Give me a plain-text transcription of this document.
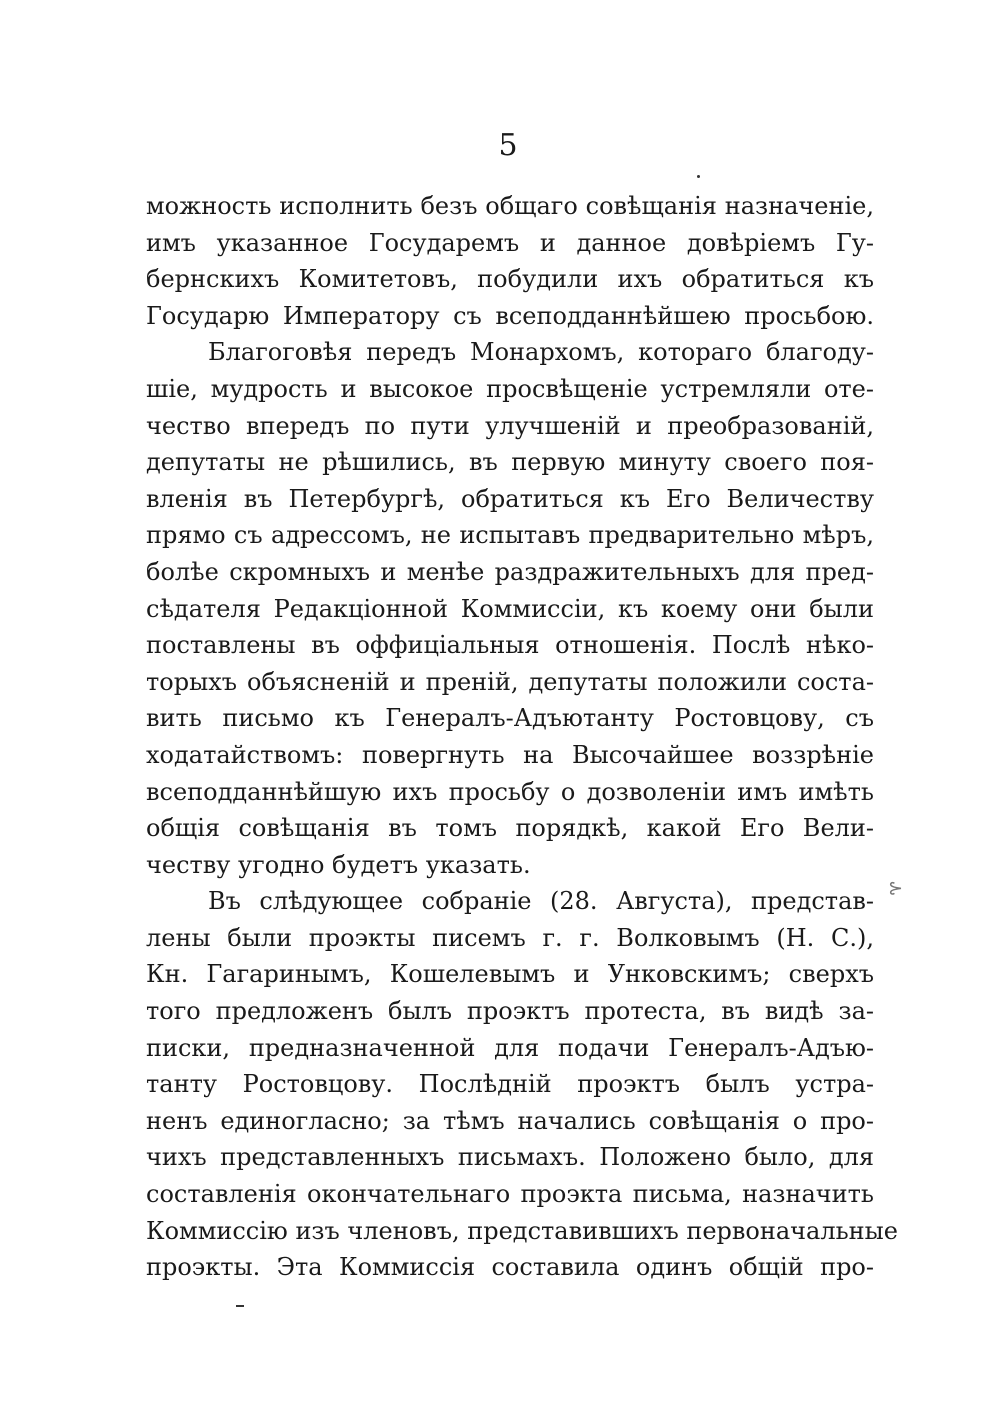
5
⊱
можность исполнить безъ общаго совѣщанія назначеніе,
имъ указанное Государемъ и данное довѣріемъ Гу-
бернскихъ Комитетовъ, побудили ихъ обратиться къ
Государю Императору съ всеподданнѣйшею просьбою.
Благоговѣя передъ Монархомъ, котораго благоду-
шіе, мудрость и высокое просвѣщеніе устремляли оте-
чество впередъ по пути улучшеній и преобразованій,
депутаты не рѣшились, въ первую минуту своего поя-
вленія въ Петербургѣ, обратиться къ Его Величеству
прямо съ адрессомъ, не испытавъ предварительно мѣръ,
болѣе скромныхъ и менѣе раздражительныхъ для пред-
сѣдателя Редакціонной Коммиссіи, къ коему они были
поставлены въ оффиціальныя отношенія. Послѣ нѣко-
торыхъ объясненій и преній, депутаты положили соста-
вить письмо къ Генералъ-Адъютанту Ростовцову, съ
ходатайствомъ: повергнуть на Высочайшее воззрѣніе
всеподданнѣйшую ихъ просьбу о дозволеніи имъ имѣть
общія совѣщанія въ томъ порядкѣ, какой Его Вели-
честву угодно будетъ указать.
Въ слѣдующее собраніе (28. Августа), представ-
лены были проэкты писемъ г. г. Волковымъ (Н. С.),
Кн. Гагаринымъ, Кошелевымъ и Унковскимъ; сверхъ
того предложенъ былъ проэктъ протеста, въ видѣ за-
писки, предназначенной для подачи Генералъ-Адъю-
танту Ростовцову. Послѣдній проэктъ былъ устра-
ненъ единогласно; за тѣмъ начались совѣщанія о про-
чихъ представленныхъ письмахъ. Положено было, для
составленія окончательнаго проэкта письма, назначить
Коммиссію изъ членовъ, представившихъ первоначальные
проэкты. Эта Коммиссія составила одинъ общій про-
